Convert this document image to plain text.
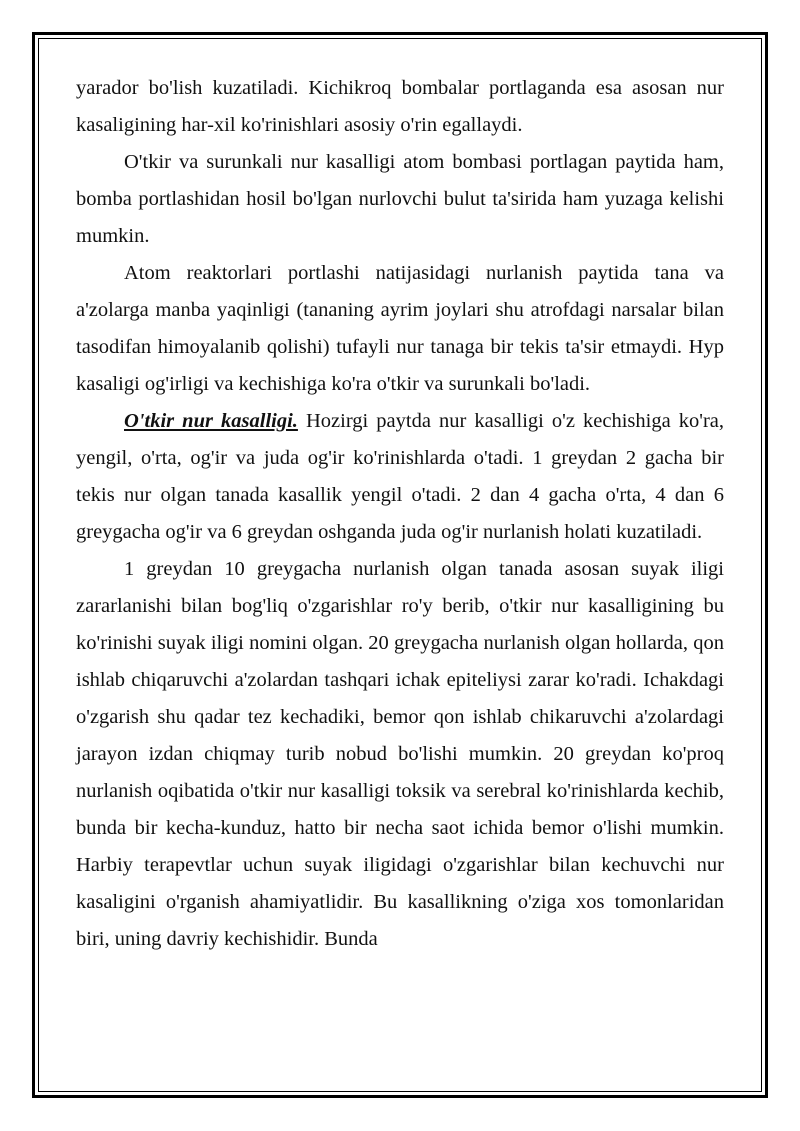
yarador bo'lish kuzatiladi. Kichikroq bombalar portlaganda esa asosan nur kasaligining har-xil ko'rinishlari asosiy o'rin egallaydi.

O'tkir va surunkali nur kasalligi atom bombasi portlagan paytida ham, bomba portlashidan hosil bo'lgan nurlovchi bulut ta'sirida ham yuzaga kelishi mumkin.

Atom reaktorlari portlashi natijasidagi nurlanish paytida tana va a'zolarga manba yaqinligi (tananing ayrim joylari shu atrofdagi narsalar bilan tasodifan himoyalanib qolishi) tufayli nur tanaga bir tekis ta'sir etmaydi. Hyp kasaligi og'irligi va kechishiga ko'ra o'tkir va surunkali bo'ladi.

O'tkir nur kasalligi. Hozirgi paytda nur kasalligi o'z kechishiga ko'ra, yengil, o'rta, og'ir va juda og'ir ko'rinishlarda o'tadi. 1 greydan 2 gacha bir tekis nur olgan tanada kasallik yengil o'tadi. 2 dan 4 gacha o'rta, 4 dan 6 greygacha og'ir va 6 greydan oshganda juda og'ir nurlanish holati kuzatiladi.

1 greydan 10 greygacha nurlanish olgan tanada asosan suyak iligi zararlanishi bilan bog'liq o'zgarishlar ro'y berib, o'tkir nur kasalligining bu ko'rinishi suyak iligi nomini olgan. 20 greygacha nurlanish olgan hollarda, qon ishlab chiqaruvchi a'zolardan tashqari ichak epiteliysi zarar ko'radi. Ichakdagi o'zgarish shu qadar tez kechadiki, bemor qon ishlab chikaruvchi a'zolardagi jarayon izdan chiqmay turib nobud bo'lishi mumkin. 20 greydan ko'proq nurlanish oqibatida o'tkir nur kasalligi toksik va serebral ko'rinishlarda kechib, bunda bir kecha-kunduz, hatto bir necha saot ichida bemor o'lishi mumkin. Harbiy terapevtlar uchun suyak iligidagi o'zgarishlar bilan kechuvchi nur kasaligini o'rganish ahamiyatlidir. Bu kasallikning o'ziga xos tomonlaridan biri, uning davriy kechishidir. Bunda
